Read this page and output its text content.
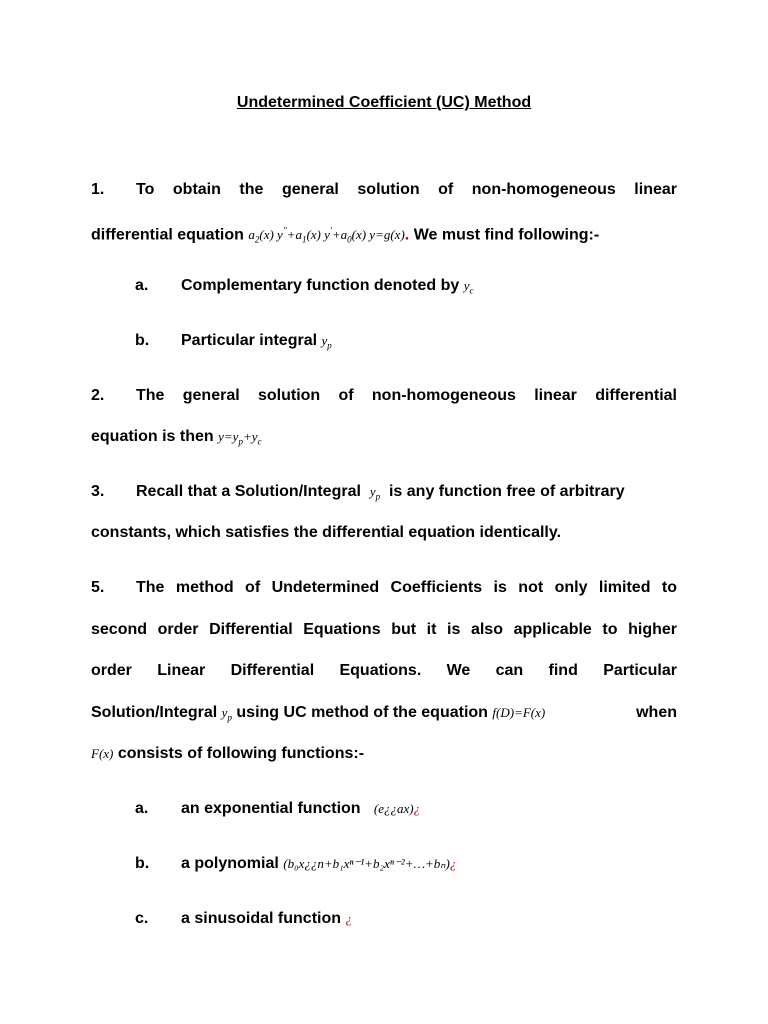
Undetermined Coefficient (UC) Method
1. To obtain the general solution of non-homogeneous linear
differential equation $a_2(x)$ $y''+a_1(x)$ $y'+a_0(x)$ y=g(x). We must find following:-
a. Complementary function denoted by $y_c$
b. Particular integral $y_p$
2. The general solution of non-homogeneous linear differential
equation is then $y=y_p+y_c$
3. Recall that a Solution/Integral $y_p$ is any function free of arbitrary
constants, which satisfies the differential equation identically.
5. The method of Undetermined Coefficients is not only limited to
second order Differential Equations but it is also applicable to higher
order Linear Differential Equations. We can find Particular
Solution/Integral $y_p$ using UC method of the equation f(D)=F(x)	when
F(x) consists of following functions:-
a. an exponential function (e¿¿ax)¿
b. a polynomial (b₀x¿¿n+b₁xⁿ⁻¹+b₂xⁿ⁻²+…+bₙ)¿
c. a sinusoidal function ¿
